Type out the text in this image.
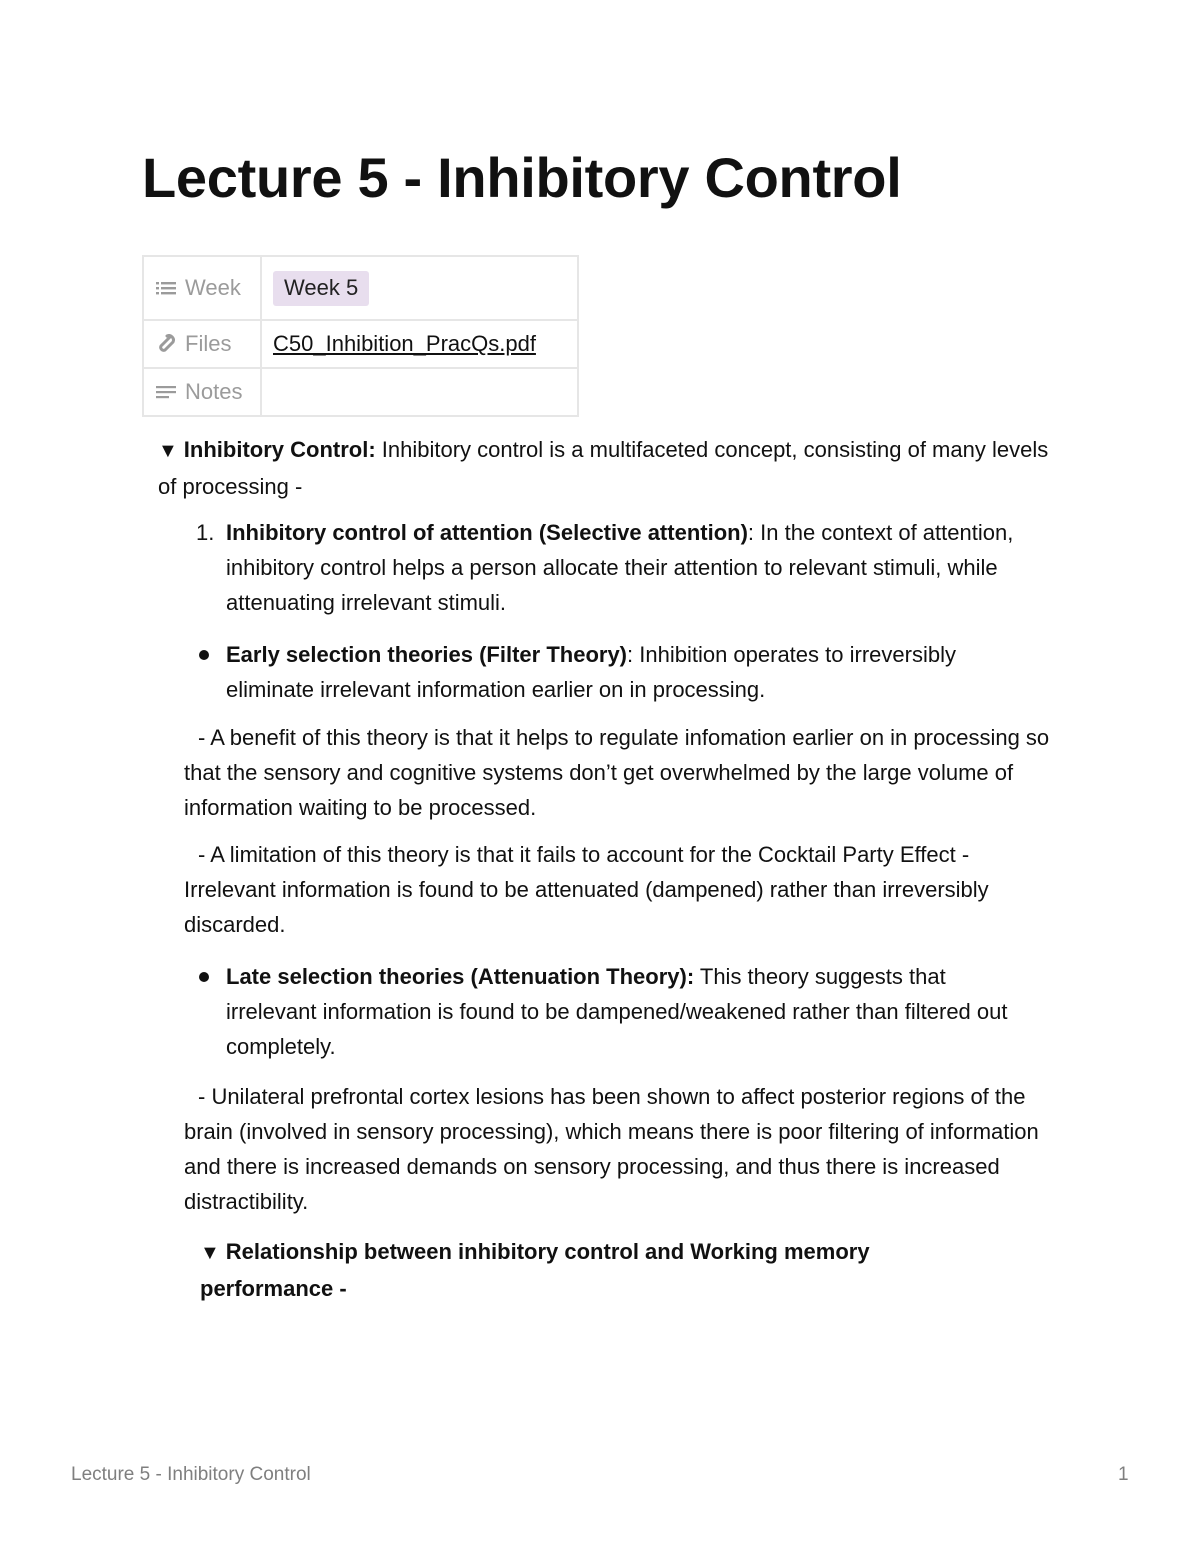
Lecture 5 - Inhibitory Control
Week	Week 5

Files	C50_Inhibition_PracQs.pdf

Notes	

▼ Inhibitory Control: Inhibitory control is a multifaceted concept, consisting of many levels of processing -

1. Inhibitory control of attention (Selective attention): In the context of attention, inhibitory control helps a person allocate their attention to relevant stimuli, while attenuating irrelevant stimuli.

Early selection theories (Filter Theory): Inhibition operates to irreversibly eliminate irrelevant information earlier on in processing.

- A benefit of this theory is that it helps to regulate infomation earlier on in processing so that the sensory and cognitive systems don’t get overwhelmed by the large volume of information waiting to be processed.

- A limitation of this theory is that it fails to account for the Cocktail Party Effect - Irrelevant information is found to be attenuated (dampened) rather than irreversibly discarded.

Late selection theories (Attenuation Theory): This theory suggests that irrelevant information is found to be dampened/weakened rather than filtered out completely.

- Unilateral prefrontal cortex lesions has been shown to affect posterior regions of the brain (involved in sensory processing), which means there is poor filtering of information and there is increased demands on sensory processing, and thus there is increased distractibility.

▼ Relationship between inhibitory control and Working memory performance -

Lecture 5 - Inhibitory Control	1
